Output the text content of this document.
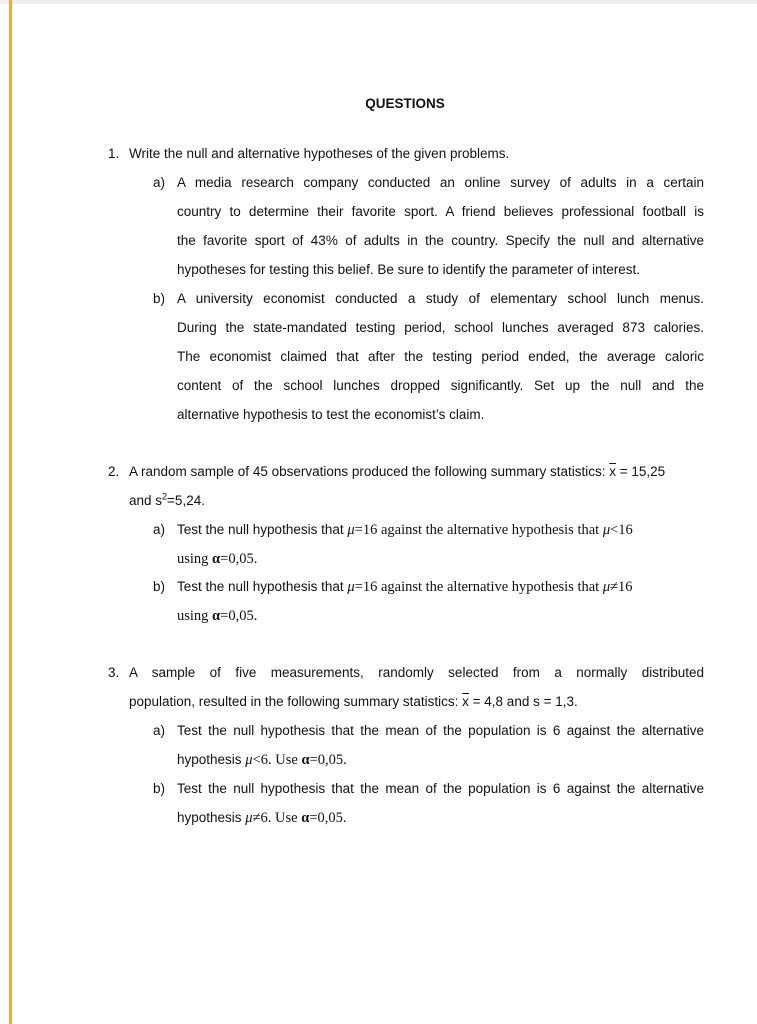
QUESTIONS
1. Write the null and alternative hypotheses of the given problems.
a) A media research company conducted an online survey of adults in a certain
country to determine their favorite sport. A friend believes professional football is
the favorite sport of 43% of adults in the country. Specify the null and alternative
hypotheses for testing this belief. Be sure to identify the parameter of interest.
b) A university economist conducted a study of elementary school lunch menus.
During the state-mandated testing period, school lunches averaged 873 calories.
The economist claimed that after the testing period ended, the average caloric
content of the school lunches dropped significantly. Set up the null and the
alternative hypothesis to test the economist’s claim.
2. A random sample of 45 observations produced the following summary statistics: $\overline{x} = 15,25$
and $s^2=5,24$.
a) Test the null hypothesis that μ=16 against the alternative hypothesis that μ<16
using α=0,05.
b) Test the null hypothesis that μ=16 against the alternative hypothesis that μ≠16
using α=0,05.
3. A sample of five measurements, randomly selected from a normally distributed
population, resulted in the following summary statistics: $\overline{x} = 4,8$ and s = 1,3.
a) Test the null hypothesis that the mean of the population is 6 against the alternative
hypothesis μ<6. Use α=0,05.
b) Test the null hypothesis that the mean of the population is 6 against the alternative
hypothesis μ≠6. Use α=0,05.
